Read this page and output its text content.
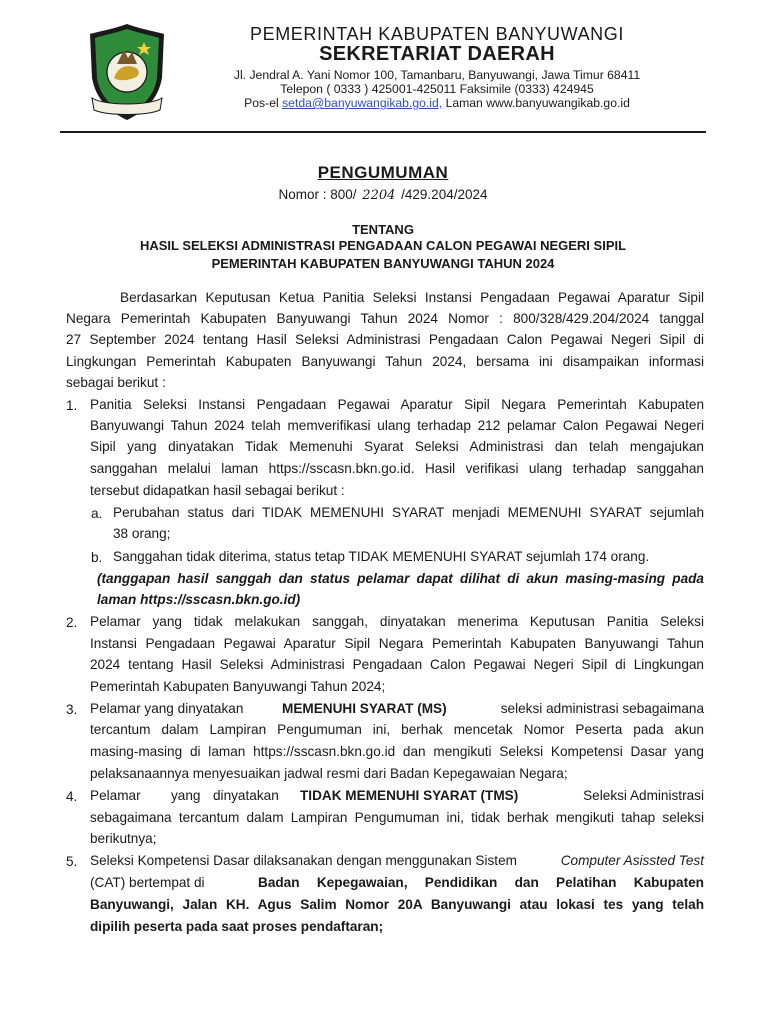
PEMERINTAH KABUPATEN BANYUWANGI
SEKRETARIAT DAERAH
Jl. Jendral A. Yani Nomor 100, Tamanbaru, Banyuwangi, Jawa Timur 68411
Telepon ( 0333 ) 425001-425011 Faksimile (0333) 424945
Pos-el setda@banyuwangikab.go.id, Laman www.banyuwangikab.go.id
PENGUMUMAN
Nomor : 800/ 2204 /429.204/2024
TENTANG
HASIL SELEKSI ADMINISTRASI PENGADAAN CALON PEGAWAI NEGERI SIPIL
PEMERINTAH KABUPATEN BANYUWANGI TAHUN 2024
Berdasarkan Keputusan Ketua Panitia Seleksi Instansi Pengadaan Pegawai Aparatur Sipil
Negara Pemerintah Kabupaten Banyuwangi Tahun 2024 Nomor : 800/328/429.204/2024 tanggal
27 September 2024 tentang Hasil Seleksi Administrasi Pengadaan Calon Pegawai Negeri Sipil di
Lingkungan Pemerintah Kabupaten Banyuwangi Tahun 2024, bersama ini disampaikan informasi
sebagai berikut :
1. Panitia Seleksi Instansi Pengadaan Pegawai Aparatur Sipil Negara Pemerintah Kabupaten
Banyuwangi Tahun 2024 telah memverifikasi ulang terhadap 212 pelamar Calon Pegawai Negeri
Sipil yang dinyatakan Tidak Memenuhi Syarat Seleksi Administrasi dan telah mengajukan
sanggahan melalui laman https://sscasn.bkn.go.id. Hasil verifikasi ulang terhadap sanggahan
tersebut didapatkan hasil sebagai berikut :
a. Perubahan status dari TIDAK MEMENUHI SYARAT menjadi MEMENUHI SYARAT sejumlah
38 orang;
b. Sanggahan tidak diterima, status tetap TIDAK MEMENUHI SYARAT sejumlah 174 orang.
(tanggapan hasil sanggah dan status pelamar dapat dilihat di akun masing-masing pada
laman https://sscasn.bkn.go.id)
2. Pelamar yang tidak melakukan sanggah, dinyatakan menerima Keputusan Panitia Seleksi
Instansi Pengadaan Pegawai Aparatur Sipil Negara Pemerintah Kabupaten Banyuwangi Tahun
2024 tentang Hasil Seleksi Administrasi Pengadaan Calon Pegawai Negeri Sipil di Lingkungan
Pemerintah Kabupaten Banyuwangi Tahun 2024;
3. Pelamar yang dinyatakan	MEMENUHI SYARAT (MS)	seleksi administrasi sebagaimana
tercantum dalam Lampiran Pengumuman ini, berhak mencetak Nomor Peserta pada akun
masing-masing di laman https://sscasn.bkn.go.id dan mengikuti Seleksi Kompetensi Dasar yang
pelaksanaannya menyesuaikan jadwal resmi dari Badan Kepegawaian Negara;
4. Pelamar yang dinyatakan TIDAK MEMENUHI SYARAT (TMS)	Seleksi Administrasi
sebagaimana tercantum dalam Lampiran Pengumuman ini, tidak berhak mengikuti tahap seleksi
berikutnya;
5. Seleksi Kompetensi Dasar dilaksanakan dengan menggunakan Sistem	Computer Asissted Test
(CAT) bertempat di	Badan Kepegawaian, Pendidikan dan Pelatihan Kabupaten
Banyuwangi, Jalan KH. Agus Salim Nomor 20A Banyuwangi atau lokasi tes yang telah
dipilih peserta pada saat proses pendaftaran;
